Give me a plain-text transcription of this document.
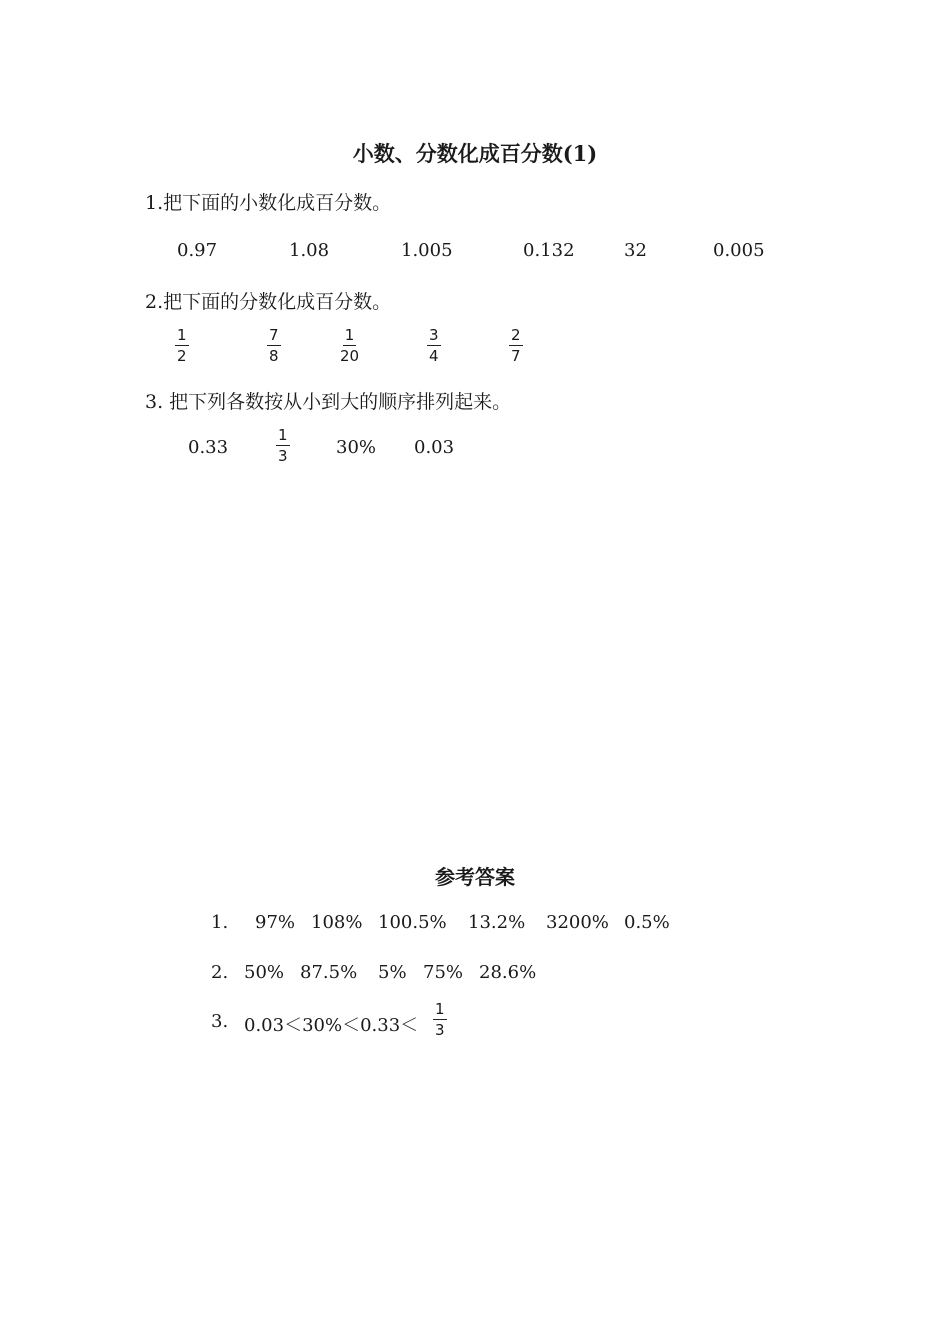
小数、分数化成百分数(1)
1.把下面的小数化成百分数。
0.97	1.08	1.005	0.132	32	0.005
2.把下面的分数化成百分数。
$\frac{1}{2}$	$\frac{7}{8}$	$\frac{1}{20}$	$\frac{3}{4}$	$\frac{2}{7}$
3. 把下列各数按从小到大的顺序排列起来。
0.33	$\frac{1}{3}$	30% 0.03
参考答案
1. 97% 108% 100.5% 13.2% 3200% 0.5%
2. 50% 87.5% 5% 75% 28.6%
3. $0.03<30\%<0.33< \frac{1}{3}$
